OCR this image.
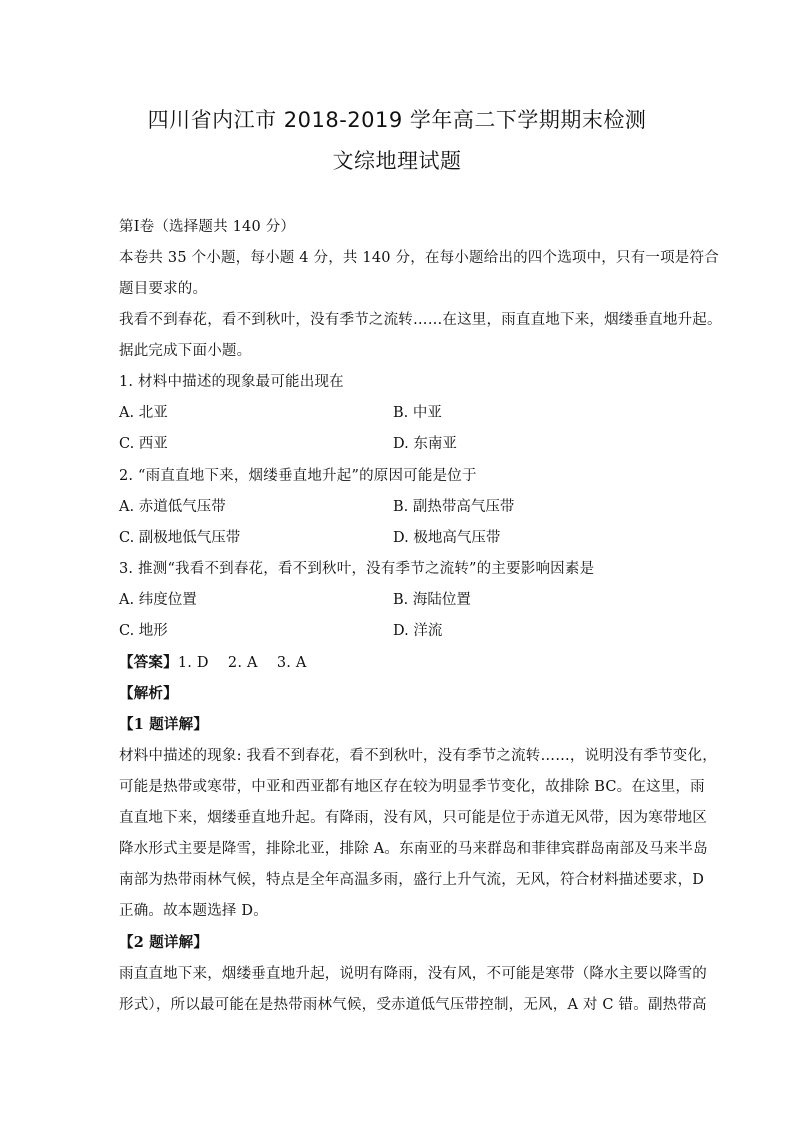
四川省内江市 2018-2019 学年高二下学期期末检测
文综地理试题
第Ⅰ卷（选择题共 140 分）
本卷共 35 个小题，每小题 4 分，共 140 分，在每小题给出的四个选项中，只有一项是符合
题目要求的。
我看不到春花，看不到秋叶，没有季节之流转……在这里，雨直直地下来，烟缕垂直地升起。
据此完成下面小题。
1. 材料中描述的现象最可能出现在
A. 北亚	B. 中亚
C. 西亚	D. 东南亚
2. “雨直直地下来，烟缕垂直地升起”的原因可能是位于
A. 赤道低气压带	B. 副热带高气压带
C. 副极地低气压带	D. 极地高气压带
3. 推测“我看不到春花，看不到秋叶，没有季节之流转”的主要影响因素是
A. 纬度位置	B. 海陆位置
C. 地形	D. 洋流
【答案】1. D    2. A    3. A
【解析】
【1 题详解】
材料中描述的现象: 我看不到春花，看不到秋叶，没有季节之流转……，说明没有季节变化，
可能是热带或寒带，中亚和西亚都有地区存在较为明显季节变化，故排除 BC。在这里，雨
直直地下来，烟缕垂直地升起。有降雨，没有风，只可能是位于赤道无风带，因为寒带地区
降水形式主要是降雪，排除北亚，排除 A。东南亚的马来群岛和菲律宾群岛南部及马来半岛
南部为热带雨林气候，特点是全年高温多雨，盛行上升气流，无风，符合材料描述要求，D
正确。故本题选择 D。
【2 题详解】
雨直直地下来，烟缕垂直地升起，说明有降雨，没有风，不可能是寒带（降水主要以降雪的
形式），所以最可能在是热带雨林气候，受赤道低气压带控制，无风，A 对 C 错。副热带高
